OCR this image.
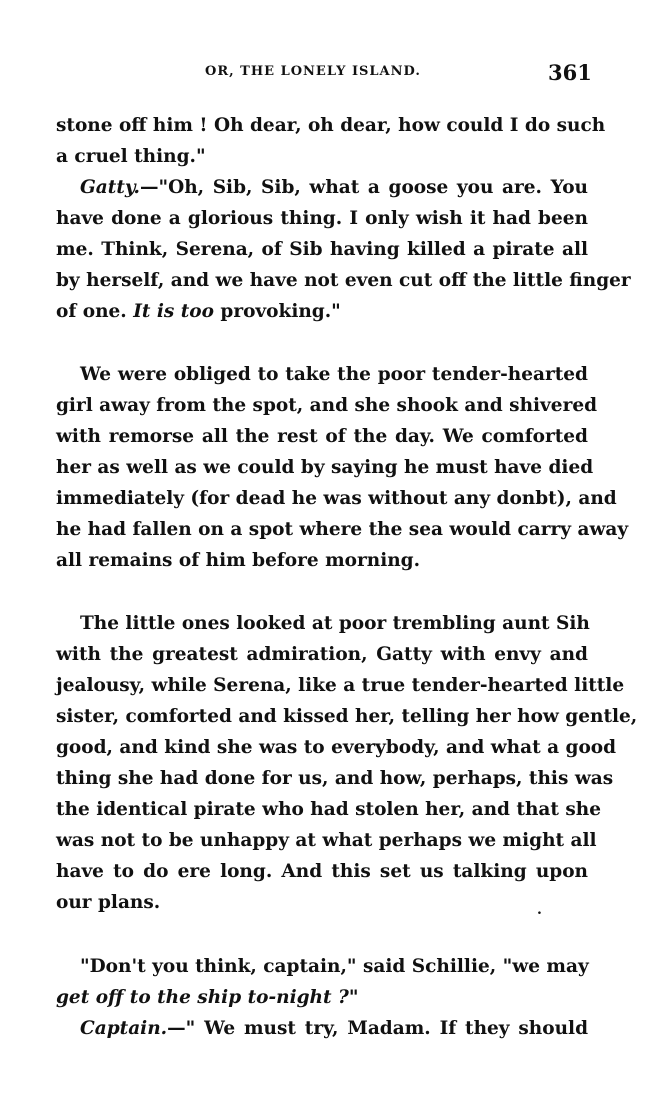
OR, THE LONELY ISLAND.	361
stone off him ! Oh dear, oh dear, how could I do such
a cruel thing."
Gatty.—"Oh, Sib, Sib, what a goose you are. You
have done a glorious thing. I only wish it had been
me. Think, Serena, of Sib having killed a pirate all
by herself, and we have not even cut off the little finger
of one. It is too provoking."
We were obliged to take the poor tender-hearted
girl away from the spot, and she shook and shivered
with remorse all the rest of the day. We comforted
her as well as we could by saying he must have died
immediately (for dead he was without any donbt), and
he had fallen on a spot where the sea would carry away
all remains of him before morning.
The little ones looked at poor trembling aunt Sih
with the greatest admiration, Gatty with envy and
jealousy, while Serena, like a true tender-hearted little
sister, comforted and kissed her, telling her how gentle,
good, and kind she was to everybody, and what a good
thing she had done for us, and how, perhaps, this was
the identical pirate who had stolen her, and that she
was not to be unhappy at what perhaps we might all
have to do ere long. And this set us talking upon
our plans.	.
"Don't you think, captain," said Schillie, "we may
get off to the ship to-night ?"
Captain.—" We must try, Madam. If they should
